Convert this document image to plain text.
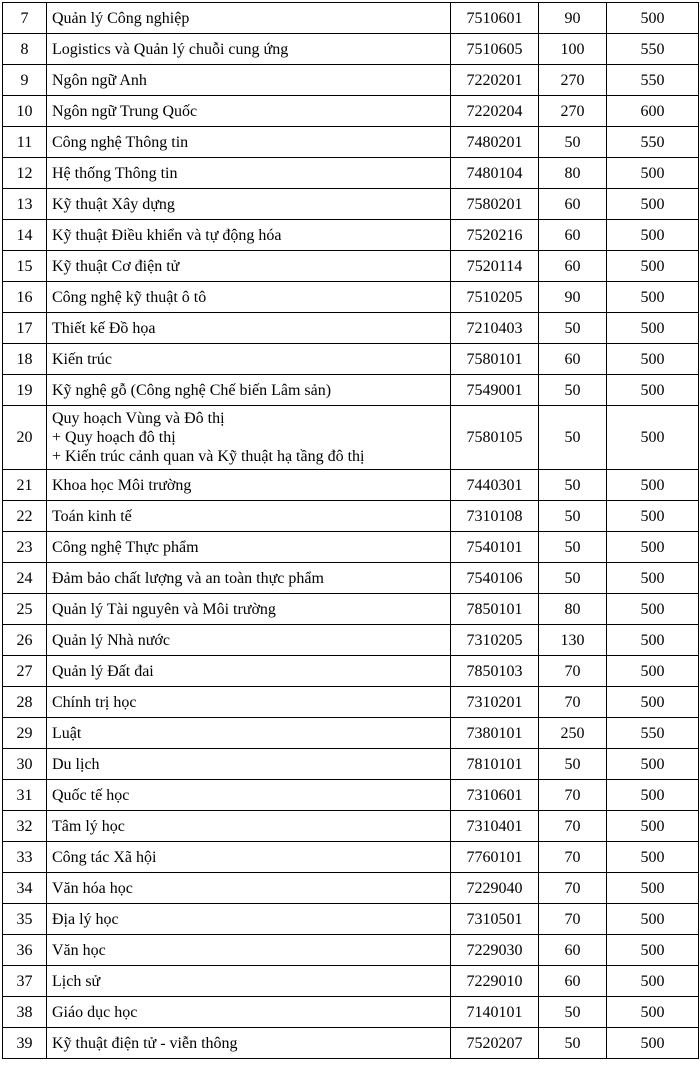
7	Quản lý Công nghiệp	7510601	90	500
8	Logistics và Quản lý chuỗi cung ứng	7510605	100	550
9	Ngôn ngữ Anh	7220201	270	550
10	Ngôn ngữ Trung Quốc	7220204	270	600
11	Công nghệ Thông tin	7480201	50	550
12	Hệ thống Thông tin	7480104	80	500
13	Kỹ thuật Xây dựng	7580201	60	500
14	Kỹ thuật Điều khiển và tự động hóa	7520216	60	500
15	Kỹ thuật Cơ điện tử	7520114	60	500
16	Công nghệ kỹ thuật ô tô	7510205	90	500
17	Thiết kế Đồ họa	7210403	50	500
18	Kiến trúc	7580101	60	500
19	Kỹ nghệ gỗ (Công nghệ Chế biến Lâm sản)	7549001	50	500
20	Quy hoạch Vùng và Đô thị
+ Quy hoạch đô thị
+ Kiến trúc cảnh quan và Kỹ thuật hạ tầng đô thị	7580105	50	500
21	Khoa học Môi trường	7440301	50	500
22	Toán kinh tế	7310108	50	500
23	Công nghệ Thực phẩm	7540101	50	500
24	Đảm bảo chất lượng và an toàn thực phẩm	7540106	50	500
25	Quản lý Tài nguyên và Môi trường	7850101	80	500
26	Quản lý Nhà nước	7310205	130	500
27	Quản lý Đất đai	7850103	70	500
28	Chính trị học	7310201	70	500
29	Luật	7380101	250	550
30	Du lịch	7810101	50	500
31	Quốc tế học	7310601	70	500
32	Tâm lý học	7310401	70	500
33	Công tác Xã hội	7760101	70	500
34	Văn hóa học	7229040	70	500
35	Địa lý học	7310501	70	500
36	Văn học	7229030	60	500
37	Lịch sử	7229010	60	500
38	Giáo dục học	7140101	50	500
39	Kỹ thuật điện tử - viễn thông	7520207	50	500
